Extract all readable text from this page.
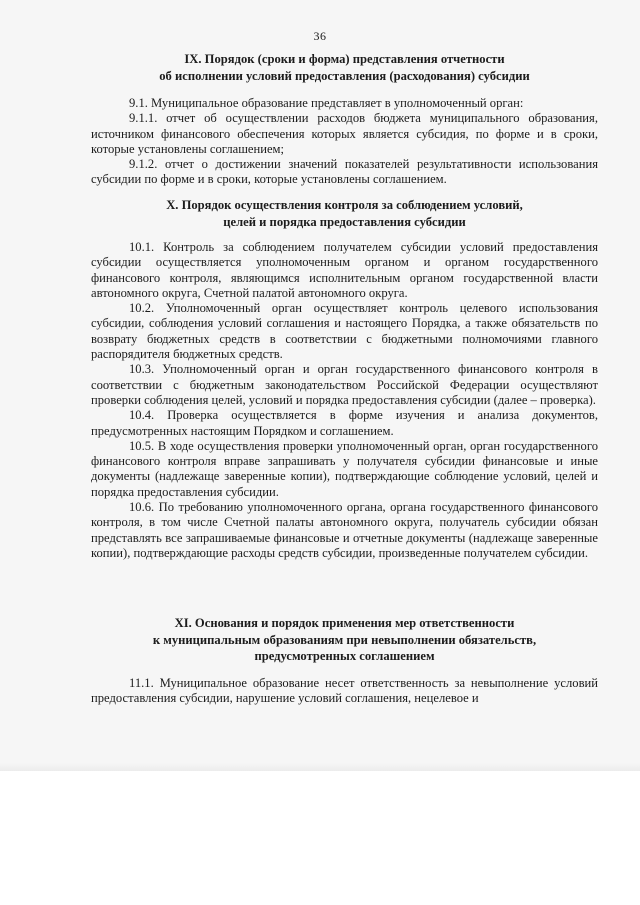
36
IX. Порядок (сроки и форма) представления отчетности
об исполнении условий предоставления (расходования) субсидии

9.1. Муниципальное образование представляет в уполномоченный орган:

9.1.1. отчет об осуществлении расходов бюджета муниципального образования, источником финансового обеспечения которых является субсидия, по форме и в сроки, которые установлены соглашением;

9.1.2. отчет о достижении значений показателей результативности использования субсидии по форме и в сроки, которые установлены соглашением.

X. Порядок осуществления контроля за соблюдением условий,
целей и порядка предоставления субсидии

10.1. Контроль за соблюдением получателем субсидии условий предоставления субсидии осуществляется уполномоченным органом и органом государственного финансового контроля, являющимся исполнительным органом государственной власти автономного округа, Счетной палатой автономного округа.

10.2. Уполномоченный орган осуществляет контроль целевого использования субсидии, соблюдения условий соглашения и настоящего Порядка, а также обязательств по возврату бюджетных средств в соответствии с бюджетными полномочиями главного распорядителя бюджетных средств.

10.3. Уполномоченный орган и орган государственного финансового контроля в соответствии с бюджетным законодательством Российской Федерации осуществляют проверки соблюдения целей, условий и порядка предоставления субсидии (далее – проверка).

10.4. Проверка осуществляется в форме изучения и анализа документов, предусмотренных настоящим Порядком и соглашением.

10.5. В ходе осуществления проверки уполномоченный орган, орган государственного финансового контроля вправе запрашивать у получателя субсидии финансовые и иные документы (надлежаще заверенные копии), подтверждающие соблюдение условий, целей и порядка предоставления субсидии.

10.6. По требованию уполномоченного органа, органа государственного финансового контроля, в том числе Счетной палаты автономного округа, получатель субсидии обязан представлять все запрашиваемые финансовые и отчетные документы (надлежаще заверенные копии), подтверждающие расходы средств субсидии, произведенные получателем субсидии.

XI. Основания и порядок применения мер ответственности
к муниципальным образованиям при невыполнении обязательств,
предусмотренных соглашением

11.1. Муниципальное образование несет ответственность за невыполнение условий предоставления субсидии, нарушение условий соглашения, нецелевое и
